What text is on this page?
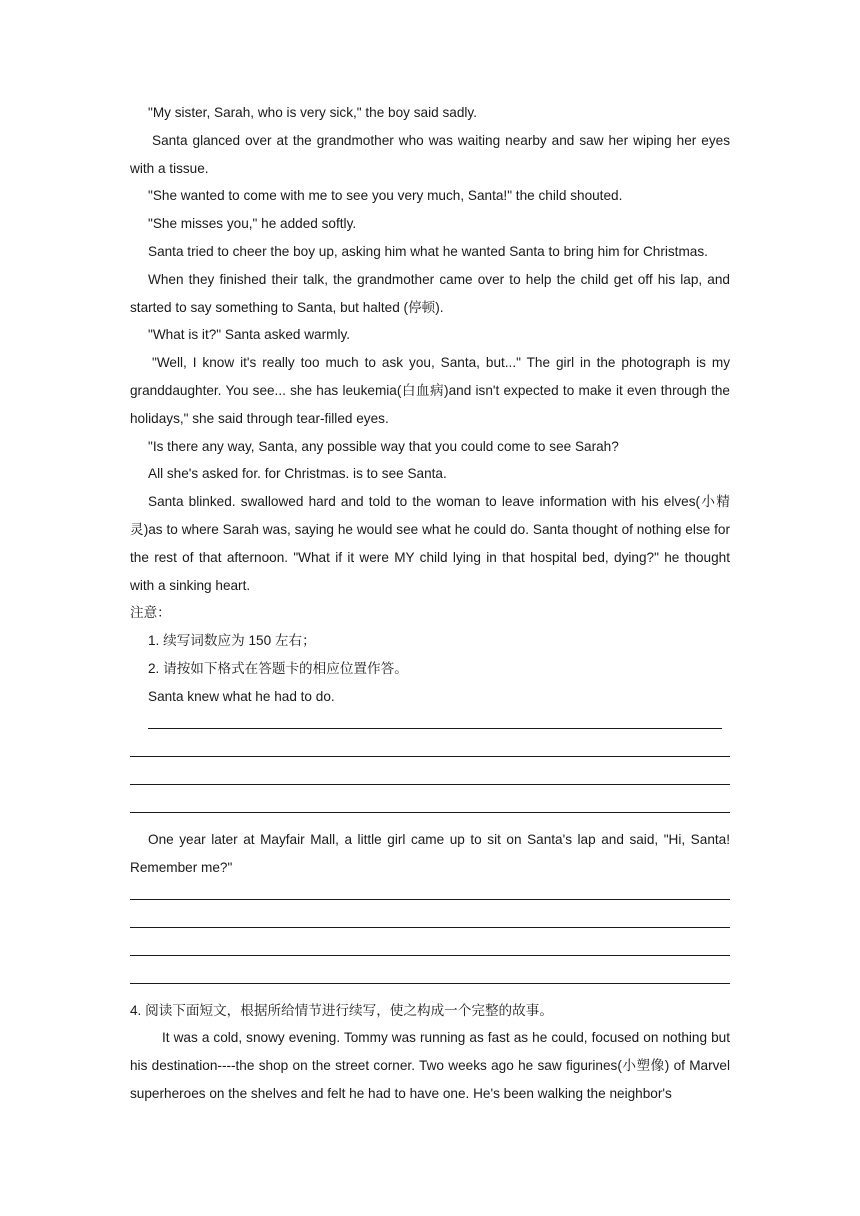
"My sister, Sarah, who is very sick," the boy said sadly.

Santa glanced over at the grandmother who was waiting nearby and saw her wiping her eyes with a tissue.

"She wanted to come with me to see you very much, Santa!" the child shouted.

"She misses you," he added softly.

Santa tried to cheer the boy up, asking him what he wanted Santa to bring him for Christmas.

When they finished their talk, the grandmother came over to help the child get off his lap, and started to say something to Santa, but halted (停顿).

"What is it?" Santa asked warmly.

"Well, I know it's really too much to ask you, Santa, but..." The girl in the photograph is my granddaughter. You see... she has leukemia(白血病)and isn't expected to make it even through the holidays," she said through tear-filled eyes.

"Is there any way, Santa, any possible way that you could come to see Sarah?

All she's asked for. for Christmas. is to see Santa.

Santa blinked. swallowed hard and told to the woman to leave information with his elves(小精灵)as to where Sarah was, saying he would see what he could do. Santa thought of nothing else for the rest of that afternoon. "What if it were MY child lying in that hospital bed, dying?" he thought with a sinking heart.

注意：

1. 续写词数应为 150 左右；

2. 请按如下格式在答题卡的相应位置作答。

Santa knew what he had to do.

One year later at Mayfair Mall, a little girl came up to sit on Santa's lap and said, "Hi, Santa! Remember me?"

4. 阅读下面短文，根据所给情节进行续写，使之构成一个完整的故事。

It was a cold, snowy evening. Tommy was running as fast as he could, focused on nothing but his destination----the shop on the street corner. Two weeks ago he saw figurines(小塑像) of Marvel superheroes on the shelves and felt he had to have one. He's been walking the neighbor's
